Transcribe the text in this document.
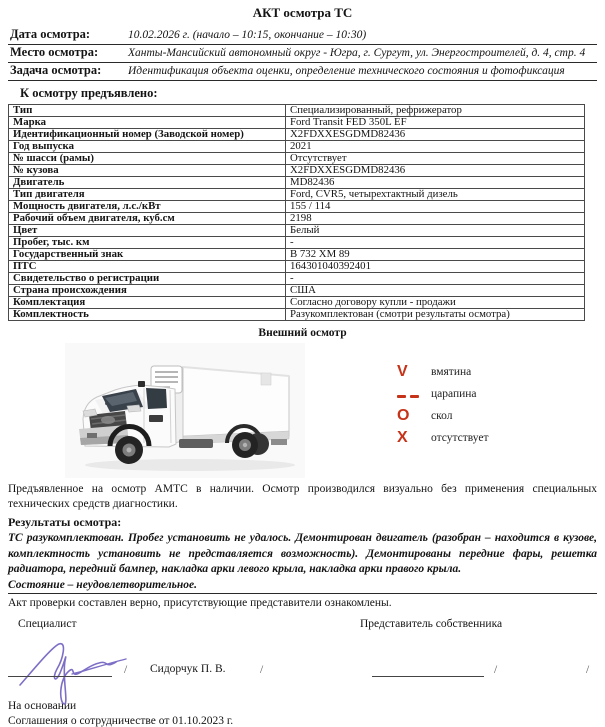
АКТ осмотра ТС
Дата осмотра:	10.02.2026 г. (начало – 10:15, окончание – 10:30)
Место осмотра:	Ханты-Мансийский автономный округ - Югра, г. Сургут, ул. Энергостроителей, д. 4, стр. 4
Задача осмотра:	Идентификация объекта оценки, определение технического состояния и фотофиксация
К осмотру предъявлено:
Тип	Специализированный, рефрижератор
Марка	Ford Transit FED 350L EF
Идентификационный номер (Заводской номер)	X2FDXXESGDMD82436
Год выпуска	2021
№ шасси (рамы)	Отсутствует
№ кузова	X2FDXXESGDMD82436
Двигатель	MD82436
Тип двигателя	Ford, CVR5, четырехтактный дизель
Мощность двигателя, л.с./кВт	155 / 114
Рабочий объем двигателя, куб.см	2198
Цвет	Белый
Пробег, тыс. км	-
Государственный знак	В 732 ХМ 89
ПТС	164301040392401
Свидетельство о регистрации	-
Страна происхождения	США
Комплектация	Согласно договору купли - продажи
Комплектность	Разукомплектован (смотри результаты осмотра)
Внешний осмотр
V	вмятина
царапина
O	скол
X	отсутствует

Предъявленное на осмотр АМТС в наличии. Осмотр производился визуально без применения специальных технических средств диагностики.

Результаты осмотра:

ТС разукомплектован. Пробег установить не удалось. Демонтирован двигатель (разобран – находится в кузове, комплектность установить не представляется возможность). Демонтированы передние фары, решетка радиатора, передний бампер, накладка арки левого крыла, накладка арки правого крыла.

Состояние – неудовлетворительное.

Акт проверки составлен верно, присутствующие представители ознакомлены.

Специалист	Представитель собственника
/ Сидорчук П. В.	/	/	/
На основании
Соглашения о сотрудничестве от 01.10.2023 г.
